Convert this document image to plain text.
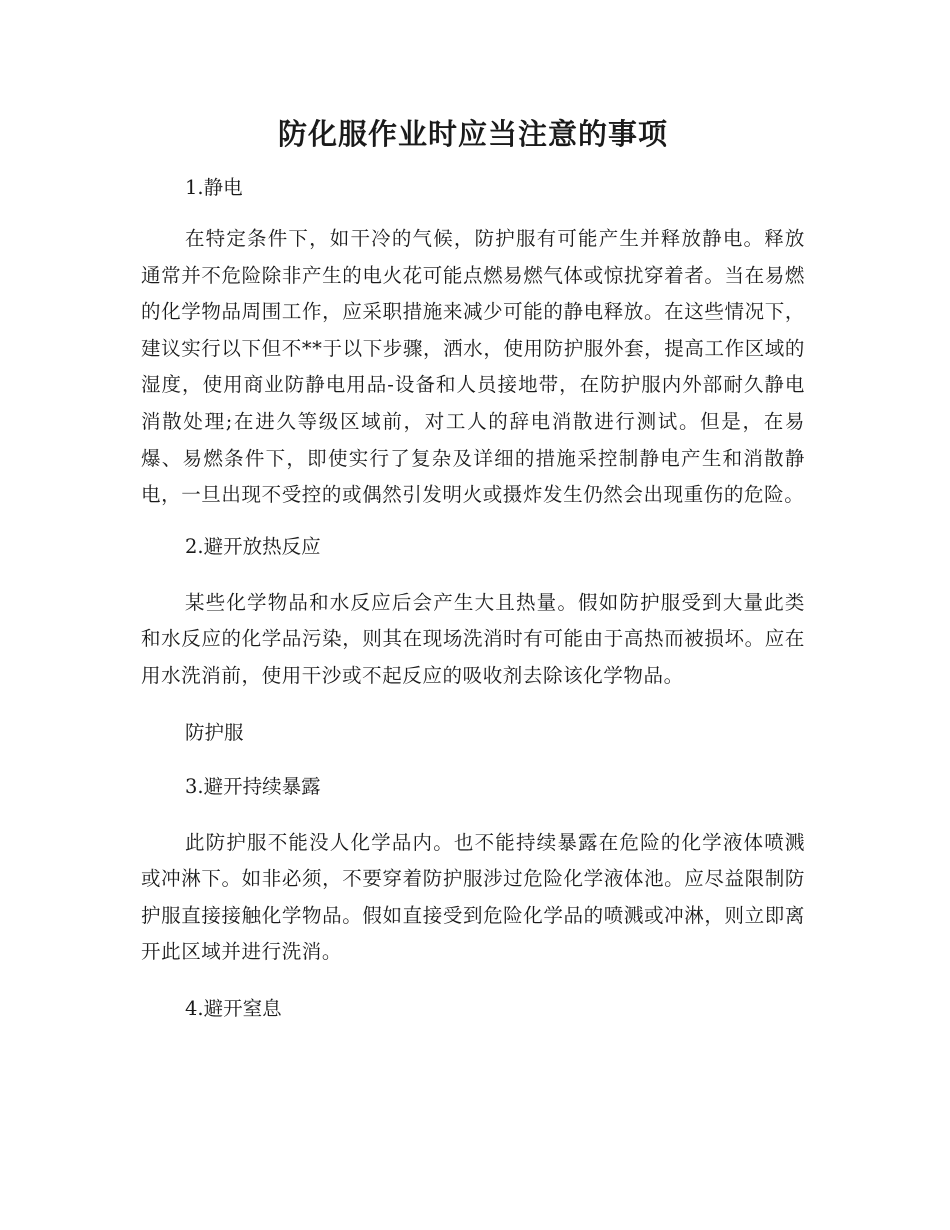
防化服作业时应当注意的事项

1.静电

在特定条件下，如干冷的气候，防护服有可能产生并释放静电。释放通常并不危险除非产生的电火花可能点燃易燃气体或惊扰穿着者。当在易燃的化学物品周围工作，应采职措施来减少可能的静电释放。在这些情况下，建议实行以下但不**于以下步骤，洒水，使用防护服外套，提高工作区域的湿度，使用商业防静电用品-设备和人员接地带，在防护服内外部耐久静电消散处理;在进久等级区域前，对工人的辞电消散进行测试。但是，在易爆、易燃条件下，即使实行了复杂及详细的措施采控制静电产生和消散静电，一旦出现不受控的或偶然引发明火或摄炸发生仍然会出现重伤的危险。

2.避开放热反应

某些化学物品和水反应后会产生大且热量。假如防护服受到大量此类和水反应的化学品污染，则其在现场洗消时有可能由于高热而被损坏。应在用水洗消前，使用干沙或不起反应的吸收剂去除该化学物品。

防护服

3.避开持续暴露

此防护服不能没人化学品内。也不能持续暴露在危险的化学液体喷溅或冲淋下。如非必须，不要穿着防护服涉过危险化学液体池。应尽益限制防护服直接接触化学物品。假如直接受到危险化学品的喷溅或冲淋，则立即离开此区域并进行洗消。

4.避开窒息
